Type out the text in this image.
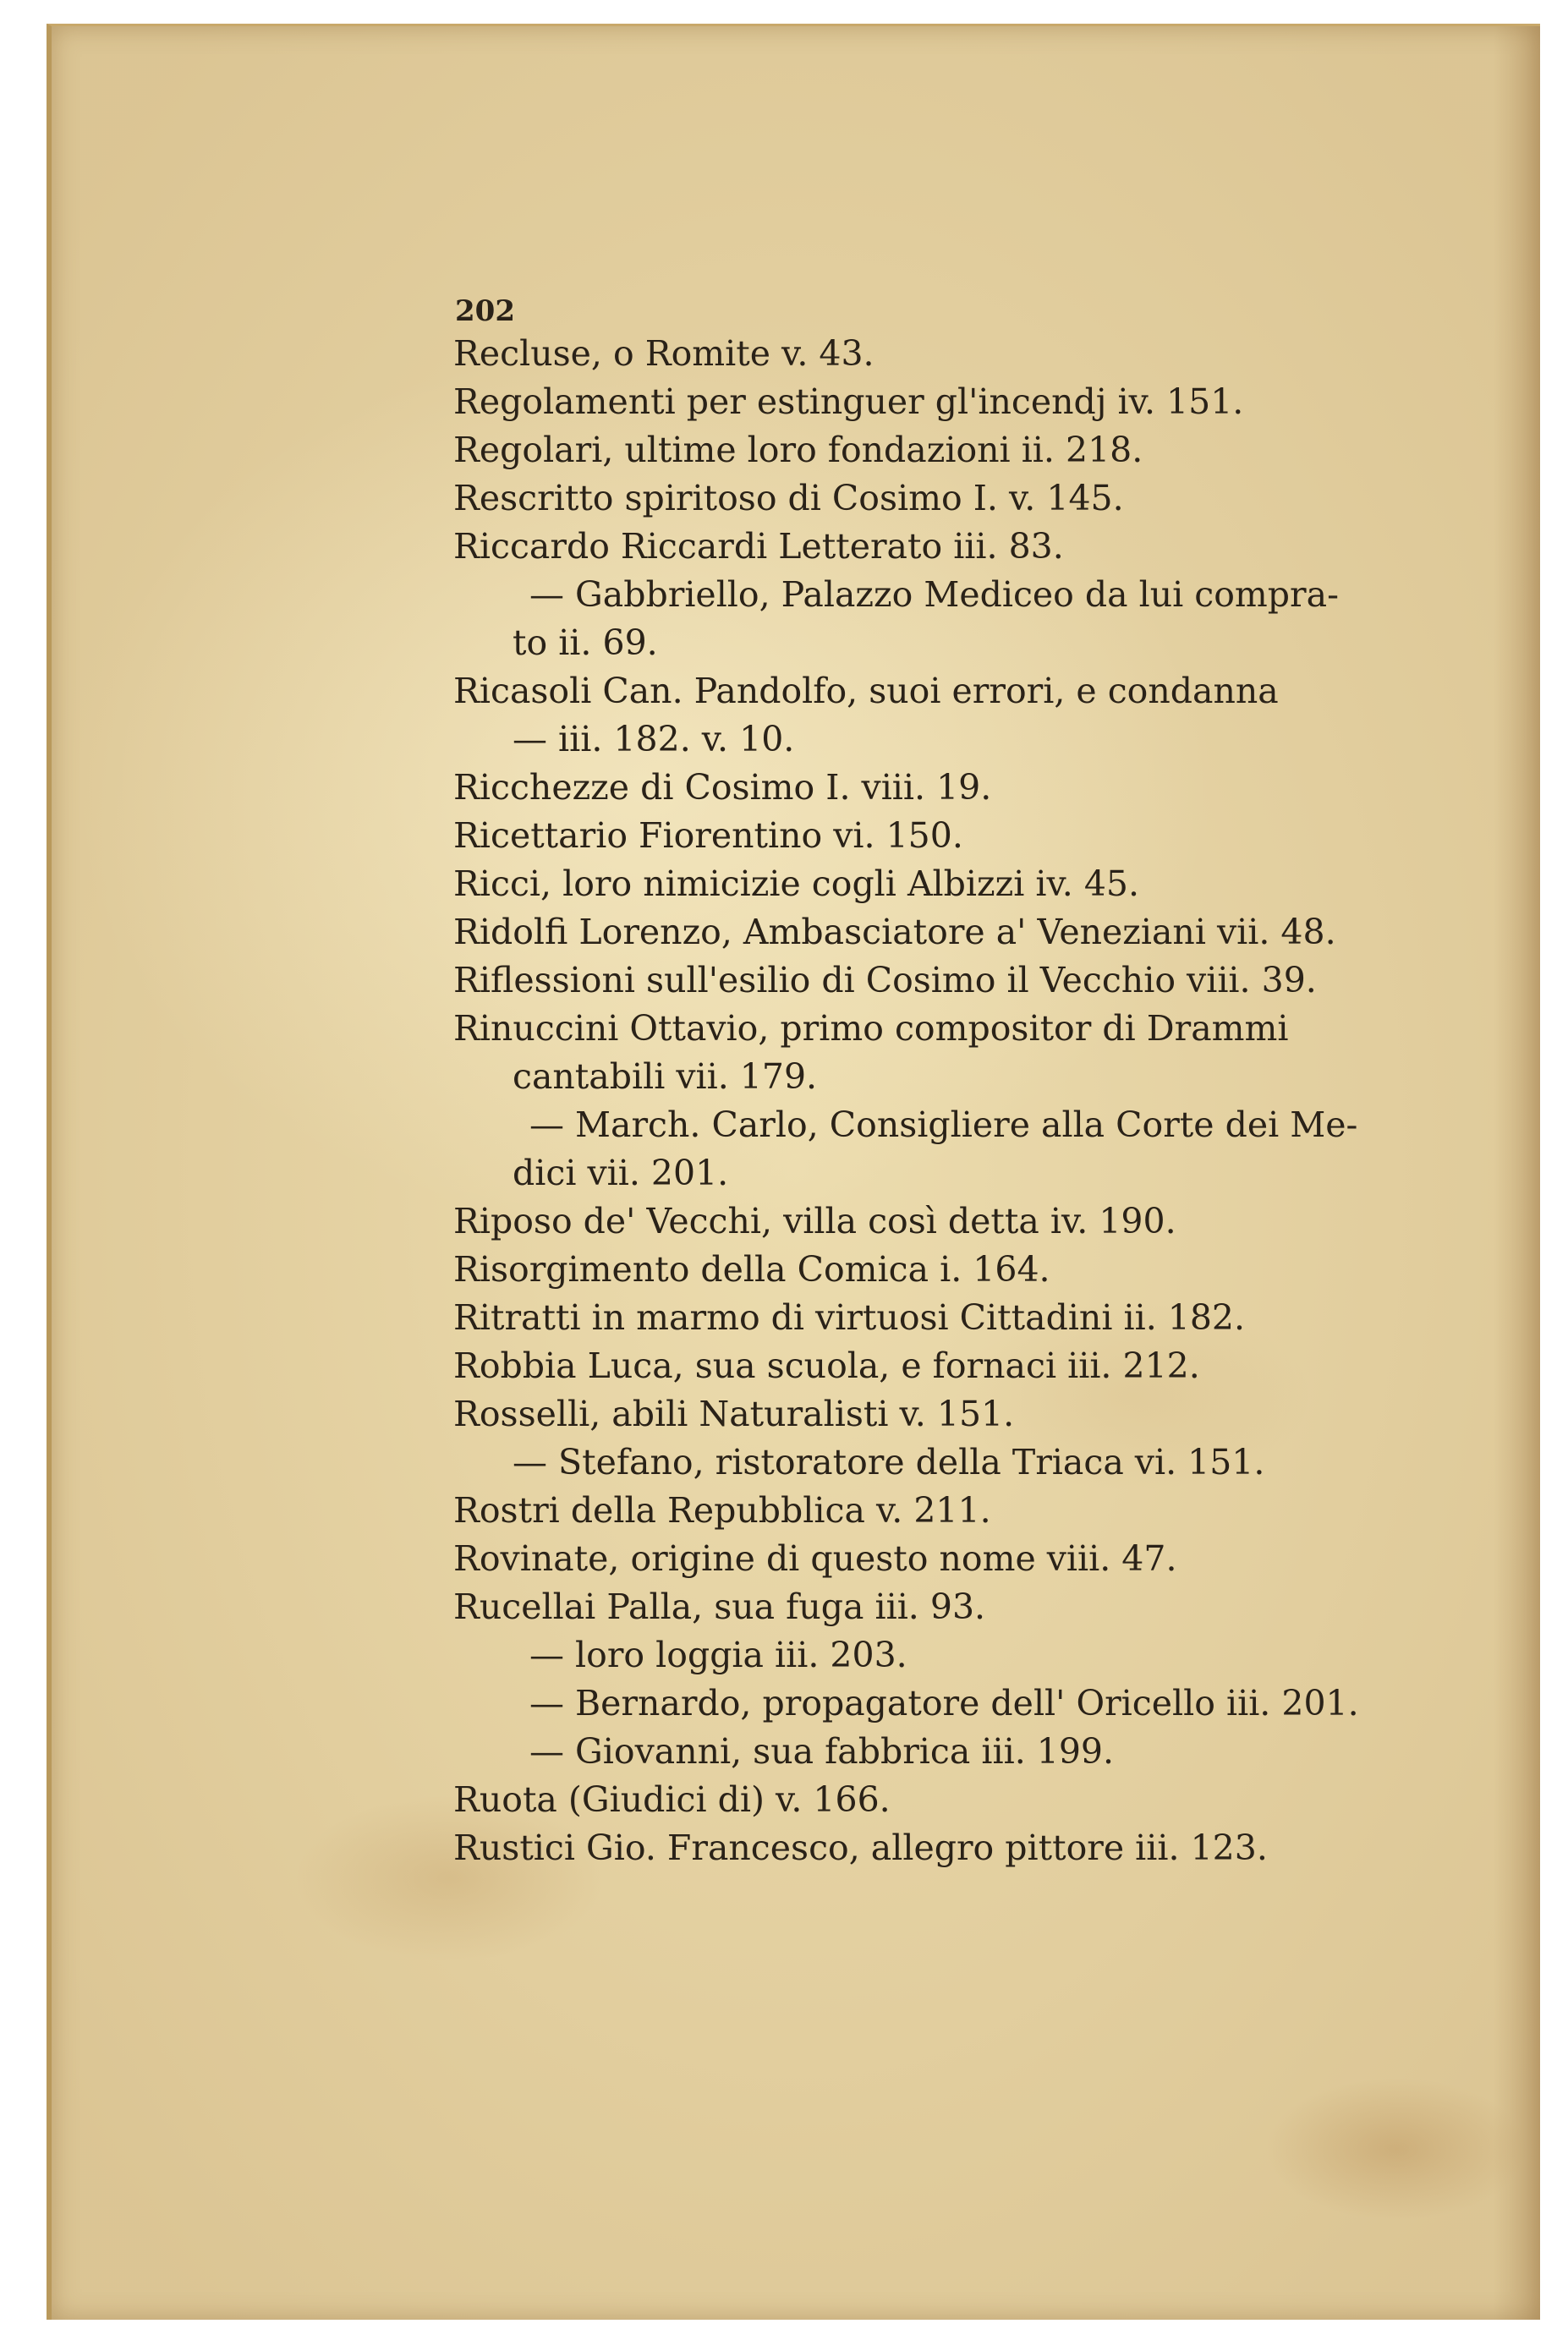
202
Recluse, o Romite v. 43.
Regolamenti per estinguer gl'incendj iv. 151.
Regolari, ultime loro fondazioni ii. 218.
Rescritto spiritoso di Cosimo I. v. 145.
Riccardo Riccardi Letterato iii. 83.
— Gabbriello, Palazzo Mediceo da lui compra-
to ii. 69.
Ricasoli Can. Pandolfo, suoi errori, e condanna
— iii. 182. v. 10.
Ricchezze di Cosimo I. viii. 19.
Ricettario Fiorentino vi. 150.
Ricci, loro nimicizie cogli Albizzi iv. 45.
Ridolfi Lorenzo, Ambasciatore a' Veneziani vii. 48.
Riflessioni sull'esilio di Cosimo il Vecchio viii. 39.
Rinuccini Ottavio, primo compositor di Drammi
cantabili vii. 179.
— March. Carlo, Consigliere alla Corte dei Me-
dici vii. 201.
Riposo de' Vecchi, villa così detta iv. 190.
Risorgimento della Comica i. 164.
Ritratti in marmo di virtuosi Cittadini ii. 182.
Robbia Luca, sua scuola, e fornaci iii. 212.
Rosselli, abili Naturalisti v. 151.
— Stefano, ristoratore della Triaca vi. 151.
Rostri della Repubblica v. 211.
Rovinate, origine di questo nome viii. 47.
Rucellai Palla, sua fuga iii. 93.
— loro loggia iii. 203.
— Bernardo, propagatore dell' Oricello iii. 201.
— Giovanni, sua fabbrica iii. 199.
Ruota (Giudici di) v. 166.
Rustici Gio. Francesco, allegro pittore iii. 123.
